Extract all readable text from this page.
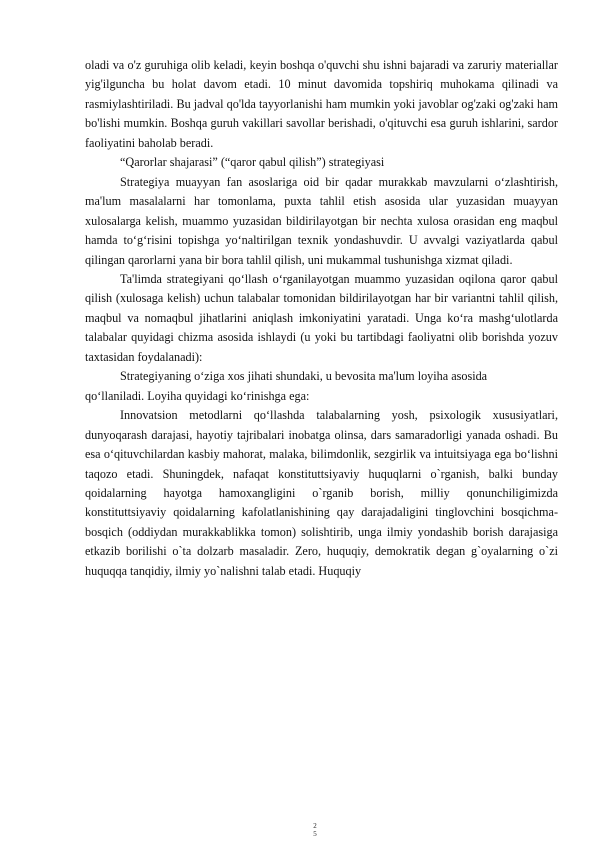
oladi va o'z guruhiga olib keladi, keyin boshqa o'quvchi shu ishni bajaradi va zaruriy materiallar yig'ilguncha bu holat davom etadi. 10 minut davomida topshiriq muhokama qilinadi va rasmiylashtiriladi. Bu jadval qo'lda tayyorlanishi ham mumkin yoki javoblar og'zaki og'zaki ham bo'lishi mumkin. Boshqa guruh vakillari savollar berishadi, o'qituvchi esa guruh ishlarini, sardor faoliyatini baholab beradi.

“Qarorlar shajarasi” (“qaror qabul qilish”) strategiyasi

Strategiya muayyan fan asoslariga oid bir qadar murakkab mavzularni o‘zlashtirish, ma'lum masalalarni har tomonlama, puxta tahlil etish asosida ular yuzasidan muayyan xulosalarga kelish, muammo yuzasidan bildirilayotgan bir nechta xulosa orasidan eng maqbul hamda to‘g‘risini topishga yo‘naltirilgan texnik yondashuvdir. U avvalgi vaziyatlarda qabul qilingan qarorlarni yana bir bora tahlil qilish, uni mukammal tushunishga xizmat qiladi.

Ta'limda strategiyani qo‘llash o‘rganilayotgan muammo yuzasidan oqilona qaror qabul qilish (xulosaga kelish) uchun talabalar tomonidan bildirilayotgan har bir variantni tahlil qilish, maqbul va nomaqbul jihatlarini aniqlash imkoniyatini yaratadi. Unga ko‘ra mashg‘ulotlarda talabalar quyidagi chizma asosida ishlaydi (u yoki bu tartibdagi faoliyatni olib borishda yozuv taxtasidan foydalanadi):

Strategiyaning o‘ziga xos jihati shundaki, u bevosita ma'lum loyiha asosida

qo‘llaniladi. Loyiha quyidagi ko‘rinishga ega:

Innovatsion metodlarni qo‘llashda talabalarning yosh, psixologik xususiyatlari, dunyoqarash darajasi, hayotiy tajribalari inobatga olinsa, dars samaradorligi yanada oshadi. Bu esa o‘qituvchilardan kasbiy mahorat, malaka, bilimdonlik, sezgirlik va intuitsiyaga ega bo‘lishni taqozo etadi. Shuningdek, nafaqat konstituttsiyaviy huquqlarni o`rganish, balki bunday qoidalarning hayotga hamoxangligini o`rganib borish, milliy qonunchiligimizda konstituttsiyaviy qoidalarning kafolatlanishining qay darajadaligini tinglovchini bosqichma-bosqich (oddiydan murakkablikka tomon) solishtirib, unga ilmiy yondashib borish darajasiga etkazib borilishi o`ta dolzarb masaladir. Zero, huquqiy, demokratik degan g`oyalarning o`zi huquqqa tanqidiy, ilmiy yo`nalishni talab etadi. Huquqiy

2
5
